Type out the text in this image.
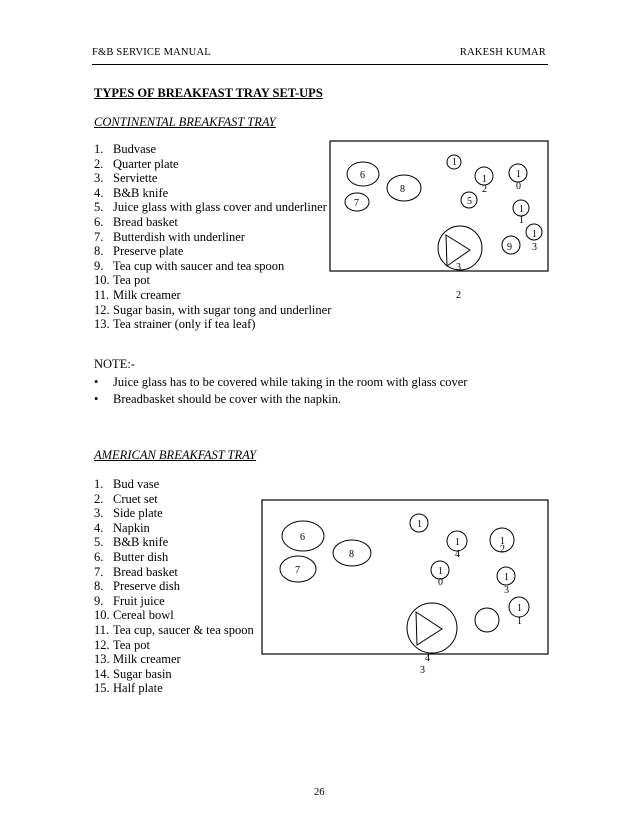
F&B SERVICE MANUAL	RAKESH KUMAR
TYPES OF BREAKFAST TRAY SET-UPS
CONTINENTAL BREAKFAST TRAY
1. Budvase
2. Quarter plate
3. Serviette
4. B&B knife
5. Juice glass with glass cover and underliner
6. Bread basket
7. Butterdish with underliner
8. Preserve plate
9. Tea cup with saucer and tea spoon
10. Tea pot
11. Milk creamer
12. Sugar basin, with sugar tong and underliner
13. Tea strainer (only if tea leaf)
6
7
8
1
1
2
1
0
5
1
1
1
3
9
3
2
NOTE:-
• Juice glass has to be covered while taking in the room with glass cover
• Breadbasket should be cover with the napkin.
AMERICAN BREAKFAST TRAY
1. Bud vase
2. Cruet set
3. Side plate
4. Napkin
5. B&B knife
6. Butter dish
7. Bread basket
8. Preserve dish
9. Fruit juice
10. Cereal bowl
11. Tea cup, saucer & tea spoon
12. Tea pot
13. Milk creamer
14. Sugar basin
15. Half plate
6
7
8
1
1
4
1
2
1
0	1
3
1
1
4
3
26
